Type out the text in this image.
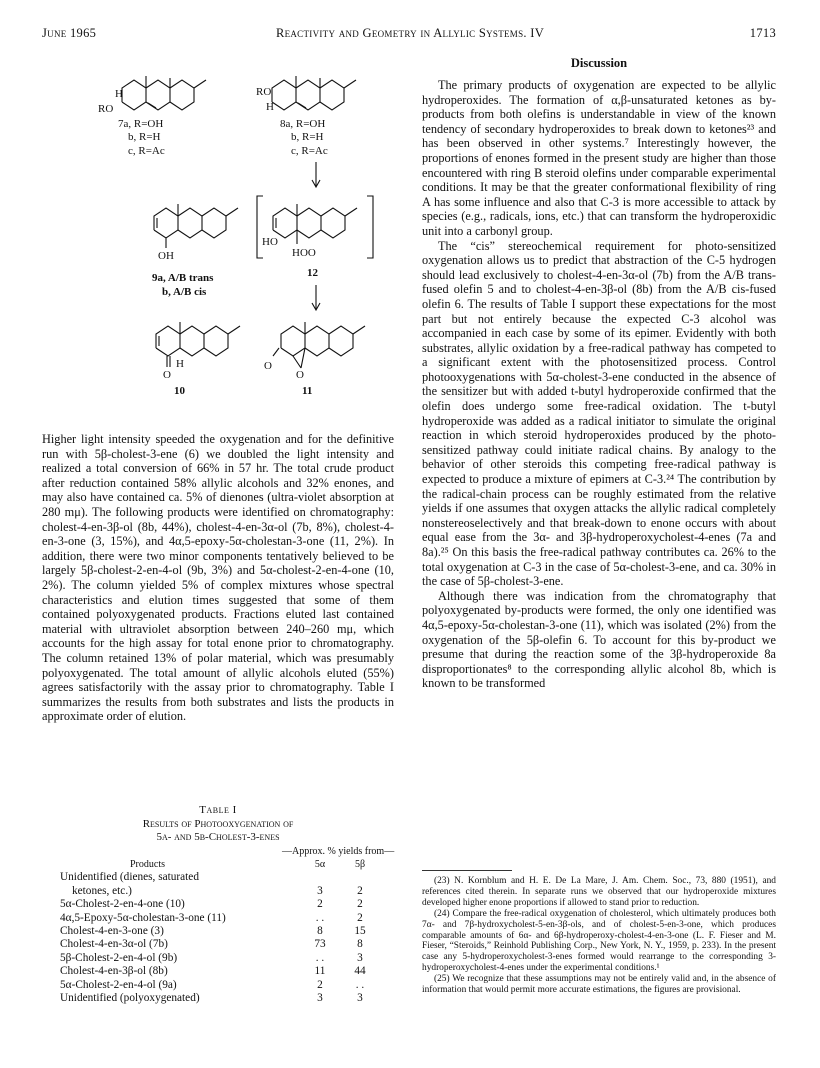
June 1965	Reactivity and Geometry in Allylic Systems. IV	1713
H
RO
RO
H
7a, R=OH
b, R=H
c, R=Ac
8a, R=OH
b, R=H
c, R=Ac
OH
9a, A/B trans
b, A/B cis
HO
HOO
12
H
O
10
O
O
11

Higher light intensity speeded the oxygenation and for the definitive run with 5β-cholest-3-ene (6) we doubled the light intensity and realized a total conversion of 66% in 57 hr. The total crude product after reduction contained 58% allylic alcohols and 32% enones, and may also have contained ca. 5% of dienones (ultra-violet absorption at 280 mμ). The following products were identified on chromatography: cholest-4-en-3β-ol (8b, 44%), cholest-4-en-3α-ol (7b, 8%), cholest-4-en-3-one (3, 15%), and 4α,5-epoxy-5α-cholestan-3-one (11, 2%). In addition, there were two minor components tentatively believed to be largely 5β-cholest-2-en-4-ol (9b, 3%) and 5α-cholest-2-en-4-one (10, 2%). The column yielded 5% of complex mixtures whose spectral characteristics and elution times suggested that some of them contained polyoxygenated products. Fractions eluted last contained material with ultraviolet absorption between 240–260 mμ, which accounts for the high assay for total enone prior to chromatography. The column retained 13% of polar material, which was presumably polyoxygenated. The total amount of allylic alcohols eluted (55%) agrees satisfactorily with the assay prior to chromatography. Table I summarizes the results from both substrates and lists the products in approximate order of elution.

Table I
Results of Photooxygenation of
5α- and 5β-Cholest-3-enes
—Approx. % yields from—
Products	5α	5β
Unidentified (dienes, saturated		
ketones, etc.)	3	2
5α-Cholest-2-en-4-one (10)	2	2
4α,5-Epoxy-5α-cholestan-3-one (11)	. .	2
Cholest-4-en-3-one (3)	8	15
Cholest-4-en-3α-ol (7b)	73	8
5β-Cholest-2-en-4-ol (9b)	. .	3
Cholest-4-en-3β-ol (8b)	11	44
5α-Cholest-2-en-4-ol (9a)	2	. .
Unidentified (polyoxygenated)	3	3
Discussion

The primary products of oxygenation are expected to be allylic hydroperoxides. The formation of α,β-unsaturated ketones as by-products from both olefins is understandable in view of the known tendency of secondary hydroperoxides to break down to ketones²³ and has been observed in other systems.⁷ Interestingly however, the proportions of enones formed in the present study are higher than those encountered with ring B steroid olefins under comparable experimental conditions. It may be that the greater conformational flexibility of ring A has some influence and also that C-3 is more accessible to attack by species (e.g., radicals, ions, etc.) that can transform the hydroperoxidic unit into a carbonyl group.

The “cis” stereochemical requirement for photo-sensitized oxygenation allows us to predict that abstraction of the C-5 hydrogen should lead exclusively to cholest-4-en-3α-ol (7b) from the A/B trans-fused olefin 5 and to cholest-4-en-3β-ol (8b) from the A/B cis-fused olefin 6. The results of Table I support these expectations for the most part but not entirely because the expected C-3 alcohol was accompanied in each case by some of its epimer. Evidently with both substrates, allylic oxidation by a free-radical pathway has competed to a significant extent with the photosensitized process. Control photooxygenations with 5α-cholest-3-ene conducted in the absence of the sensitizer but with added t-butyl hydroperoxide confirmed that the olefin does undergo some free-radical oxidation. The t-butyl hydroperoxide was added as a radical initiator to simulate the original reaction in which steroid hydroperoxides produced by the photo-sensitized pathway could initiate radical chains. By analogy to the behavior of other steroids this competing free-radical pathway is expected to produce a mixture of epimers at C-3.²⁴ The contribution by the radical-chain process can be roughly estimated from the relative yields if one assumes that oxygen attacks the allylic radical completely nonstereoselectively and that break-down to enone occurs with about equal ease from the 3α- and 3β-hydroperoxycholest-4-enes (7a and 8a).²⁵ On this basis the free-radical pathway contributes ca. 26% to the total oxygenation at C-3 in the case of 5α-cholest-3-ene, and ca. 30% in the case of 5β-cholest-3-ene.

Although there was indication from the chromatography that polyoxygenated by-products were formed, the only one identified was 4α,5-epoxy-5α-cholestan-3-one (11), which was isolated (2%) from the oxygenation of the 5β-olefin 6. To account for this by-product we presume that during the reaction some of the 3β-hydroperoxide 8a disproportionates⁸ to the corresponding allylic alcohol 8b, which is known to be transformed

(23) N. Kornblum and H. E. De La Mare, J. Am. Chem. Soc., 73, 880 (1951), and references cited therein. In separate runs we observed that our hydroperoxide mixtures developed higher enone proportions if allowed to stand prior to reduction.

(24) Compare the free-radical oxygenation of cholesterol, which ultimately produces both 7α- and 7β-hydroxycholest-5-en-3β-ols, and of cholest-5-en-3-one, which produces comparable amounts of 6α- and 6β-hydroperoxy-cholest-4-en-3-one (L. F. Fieser and M. Fieser, “Steroids,” Reinhold Publishing Corp., New York, N. Y., 1959, p. 233). In the present case any 5-hydroperoxycholest-3-enes formed would rearrange to the corresponding 3-hydroperoxycholest-4-enes under the experimental conditions.¹

(25) We recognize that these assumptions may not be entirely valid and, in the absence of information that would permit more accurate estimations, the figures are provisional.
